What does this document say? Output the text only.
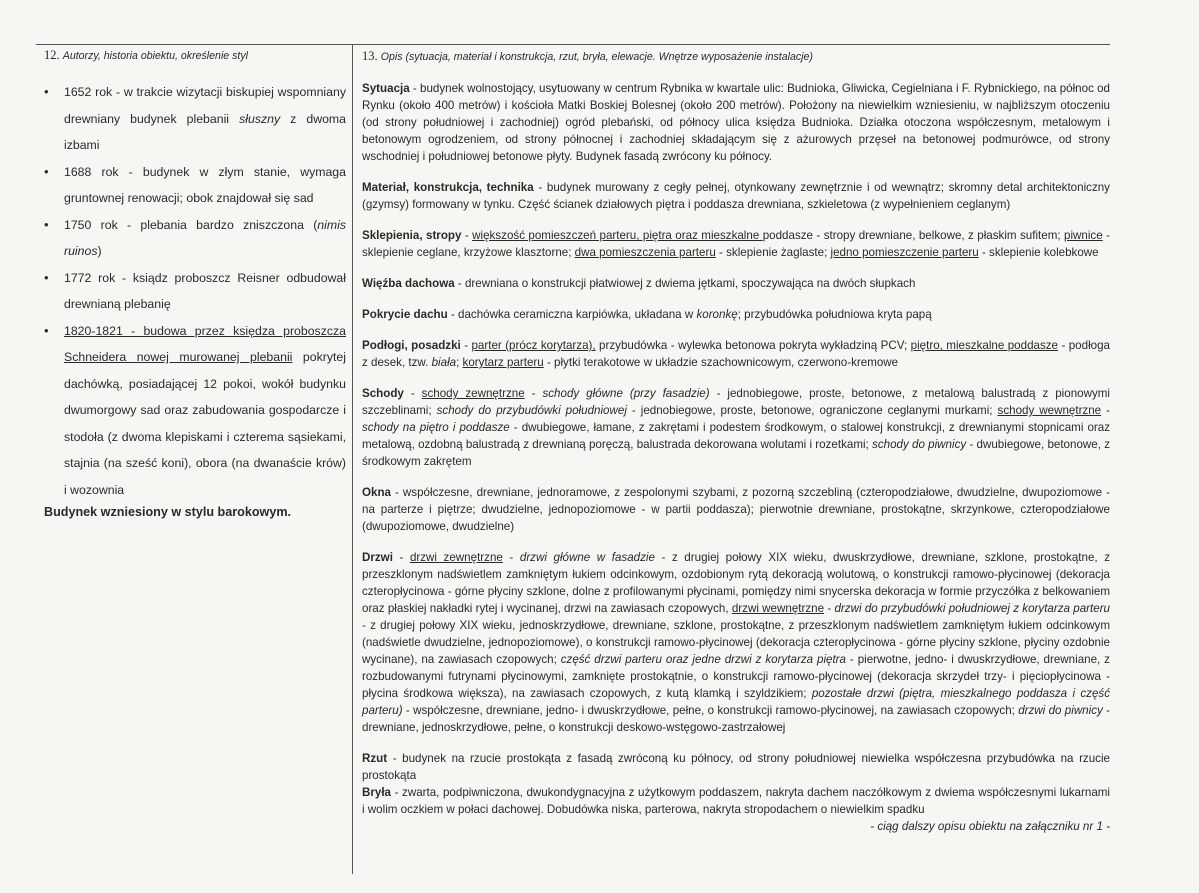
12. Autorzy, historia obiektu, określenie styl
• 1652 rok - w trakcie wizytacji biskupiej wspomniany drewniany budynek plebanii słuszny z dwoma izbami
• 1688 rok - budynek w złym stanie, wymaga gruntownej renowacji; obok znajdował się sad
• 1750 rok - plebania bardzo zniszczona (nimis ruinos)
• 1772 rok - ksiądz proboszcz Reisner odbudował drewnianą plebanię
• 1820-1821 - budowa przez księdza proboszcza Schneidera nowej murowanej plebanii pokrytej dachówką, posiadającej 12 pokoi, wokół budynku dwumorgowy sad oraz zabudowania gospodarcze i stodoła (z dwoma klepiskami i czterema sąsiekami, stajnia (na sześć koni), obora (na dwanaście krów) i wozownia
Budynek wzniesiony w stylu barokowym.
13. Opis (sytuacja, materiał i konstrukcja, rzut, bryła, elewacje. Wnętrze wyposażenie instalacje)

Sytuacja - budynek wolnostojący, usytuowany w centrum Rybnika w kwartale ulic: Budnioka, Gliwicka, Cegielniana i F. Rybnickiego, na północ od Rynku (około 400 metrów) i kościoła Matki Boskiej Bolesnej (około 200 metrów). Położony na niewielkim wzniesieniu, w najbliższym otoczeniu (od strony południowej i zachodniej) ogród plebański, od północy ulica księdza Budnioka. Działka otoczona współczesnym, metalowym i betonowym ogrodzeniem, od strony północnej i zachodniej składającym się z ażurowych przęseł na betonowej podmurówce, od strony wschodniej i południowej betonowe płyty. Budynek fasadą zwrócony ku północy.

Materiał, konstrukcja, technika - budynek murowany z cegły pełnej, otynkowany zewnętrznie i od wewnątrz; skromny detal architektoniczny (gzymsy) formowany w tynku. Część ścianek działowych piętra i poddasza drewniana, szkieletowa (z wypełnieniem ceglanym)

Sklepienia, stropy - większość pomieszczeń parteru, piętra oraz mieszkalne poddasze - stropy drewniane, belkowe, z płaskim sufitem; piwnice - sklepienie ceglane, krzyżowe klasztorne; dwa pomieszczenia parteru - sklepienie żaglaste; jedno pomieszczenie parteru - sklepienie kolebkowe

Więźba dachowa - drewniana o konstrukcji płatwiowej z dwiema jętkami, spoczywająca na dwóch słupkach

Pokrycie dachu - dachówka ceramiczna karpiówka, układana w koronkę; przybudówka południowa kryta papą

Podłogi, posadzki - parter (prócz korytarza), przybudówka - wylewka betonowa pokryta wykładziną PCV; piętro, mieszkalne poddasze - podłoga z desek, tzw. biała; korytarz parteru - płytki terakotowe w układzie szachownicowym, czerwono-kremowe

Schody - schody zewnętrzne - schody główne (przy fasadzie) - jednobiegowe, proste, betonowe, z metalową balustradą z pionowymi szczeblinami; schody do przybudówki południowej - jednobiegowe, proste, betonowe, ograniczone ceglanymi murkami; schody wewnętrzne - schody na piętro i poddasze - dwubiegowe, łamane, z zakrętami i podestem środkowym, o stalowej konstrukcji, z drewnianymi stopnicami oraz metalową, ozdobną balustradą z drewnianą poręczą, balustrada dekorowana wolutami i rozetkami; schody do piwnicy - dwubiegowe, betonowe, z środkowym zakrętem

Okna - współczesne, drewniane, jednoramowe, z zespolonymi szybami, z pozorną szczebliną (czteropodziałowe, dwudzielne, dwupoziomowe - na parterze i piętrze; dwudzielne, jednopoziomowe - w partii poddasza); pierwotnie drewniane, prostokątne, skrzynkowe, czteropodziałowe (dwupoziomowe, dwudzielne)

Drzwi - drzwi zewnętrzne - drzwi główne w fasadzie - z drugiej połowy XIX wieku, dwuskrzydłowe, drewniane, szklone, prostokątne, z przeszklonym nadświetlem zamkniętym łukiem odcinkowym, ozdobionym rytą dekoracją wolutową, o konstrukcji ramowo-płycinowej (dekoracja czteropłycinowa - górne płyciny szklone, dolne z profilowanymi płycinami, pomiędzy nimi snycerska dekoracja w formie przyczółka z belkowaniem oraz płaskiej nakładki rytej i wycinanej, drzwi na zawiasach czopowych, drzwi wewnętrzne - drzwi do przybudówki południowej z korytarza parteru - z drugiej połowy XIX wieku, jednoskrzydłowe, drewniane, szklone, prostokątne, z przeszklonym nadświetlem zamkniętym łukiem odcinkowym (nadświetle dwudzielne, jednopoziomowe), o konstrukcji ramowo-płycinowej (dekoracja czteropłycinowa - górne płyciny szklone, płyciny ozdobnie wycinane), na zawiasach czopowych; część drzwi parteru oraz jedne drzwi z korytarza piętra - pierwotne, jedno- i dwuskrzydłowe, drewniane, z rozbudowanymi futrynami płycinowymi, zamknięte prostokątnie, o konstrukcji ramowo-płycinowej (dekoracja skrzydeł trzy- i pięciopłycinowa - płycina środkowa większa), na zawiasach czopowych, z kutą klamką i szyldzikiem; pozostałe drzwi (piętra, mieszkalnego poddasza i część parteru) - współczesne, drewniane, jedno- i dwuskrzydłowe, pełne, o konstrukcji ramowo-płycinowej, na zawiasach czopowych; drzwi do piwnicy - drewniane, jednoskrzydłowe, pełne, o konstrukcji deskowo-wstęgowo-zastrzałowej

Rzut - budynek na rzucie prostokąta z fasadą zwróconą ku północy, od strony południowej niewielka współczesna przybudówka na rzucie prostokąta

Bryła - zwarta, podpiwniczona, dwukondygnacyjna z użytkowym poddaszem, nakryta dachem naczółkowym z dwiema współczesnymi lukarnami i wolim oczkiem w połaci dachowej. Dobudówka niska, parterowa, nakryta stropodachem o niewielkim spadku

- ciąg dalszy opisu obiektu na załączniku nr 1 -
